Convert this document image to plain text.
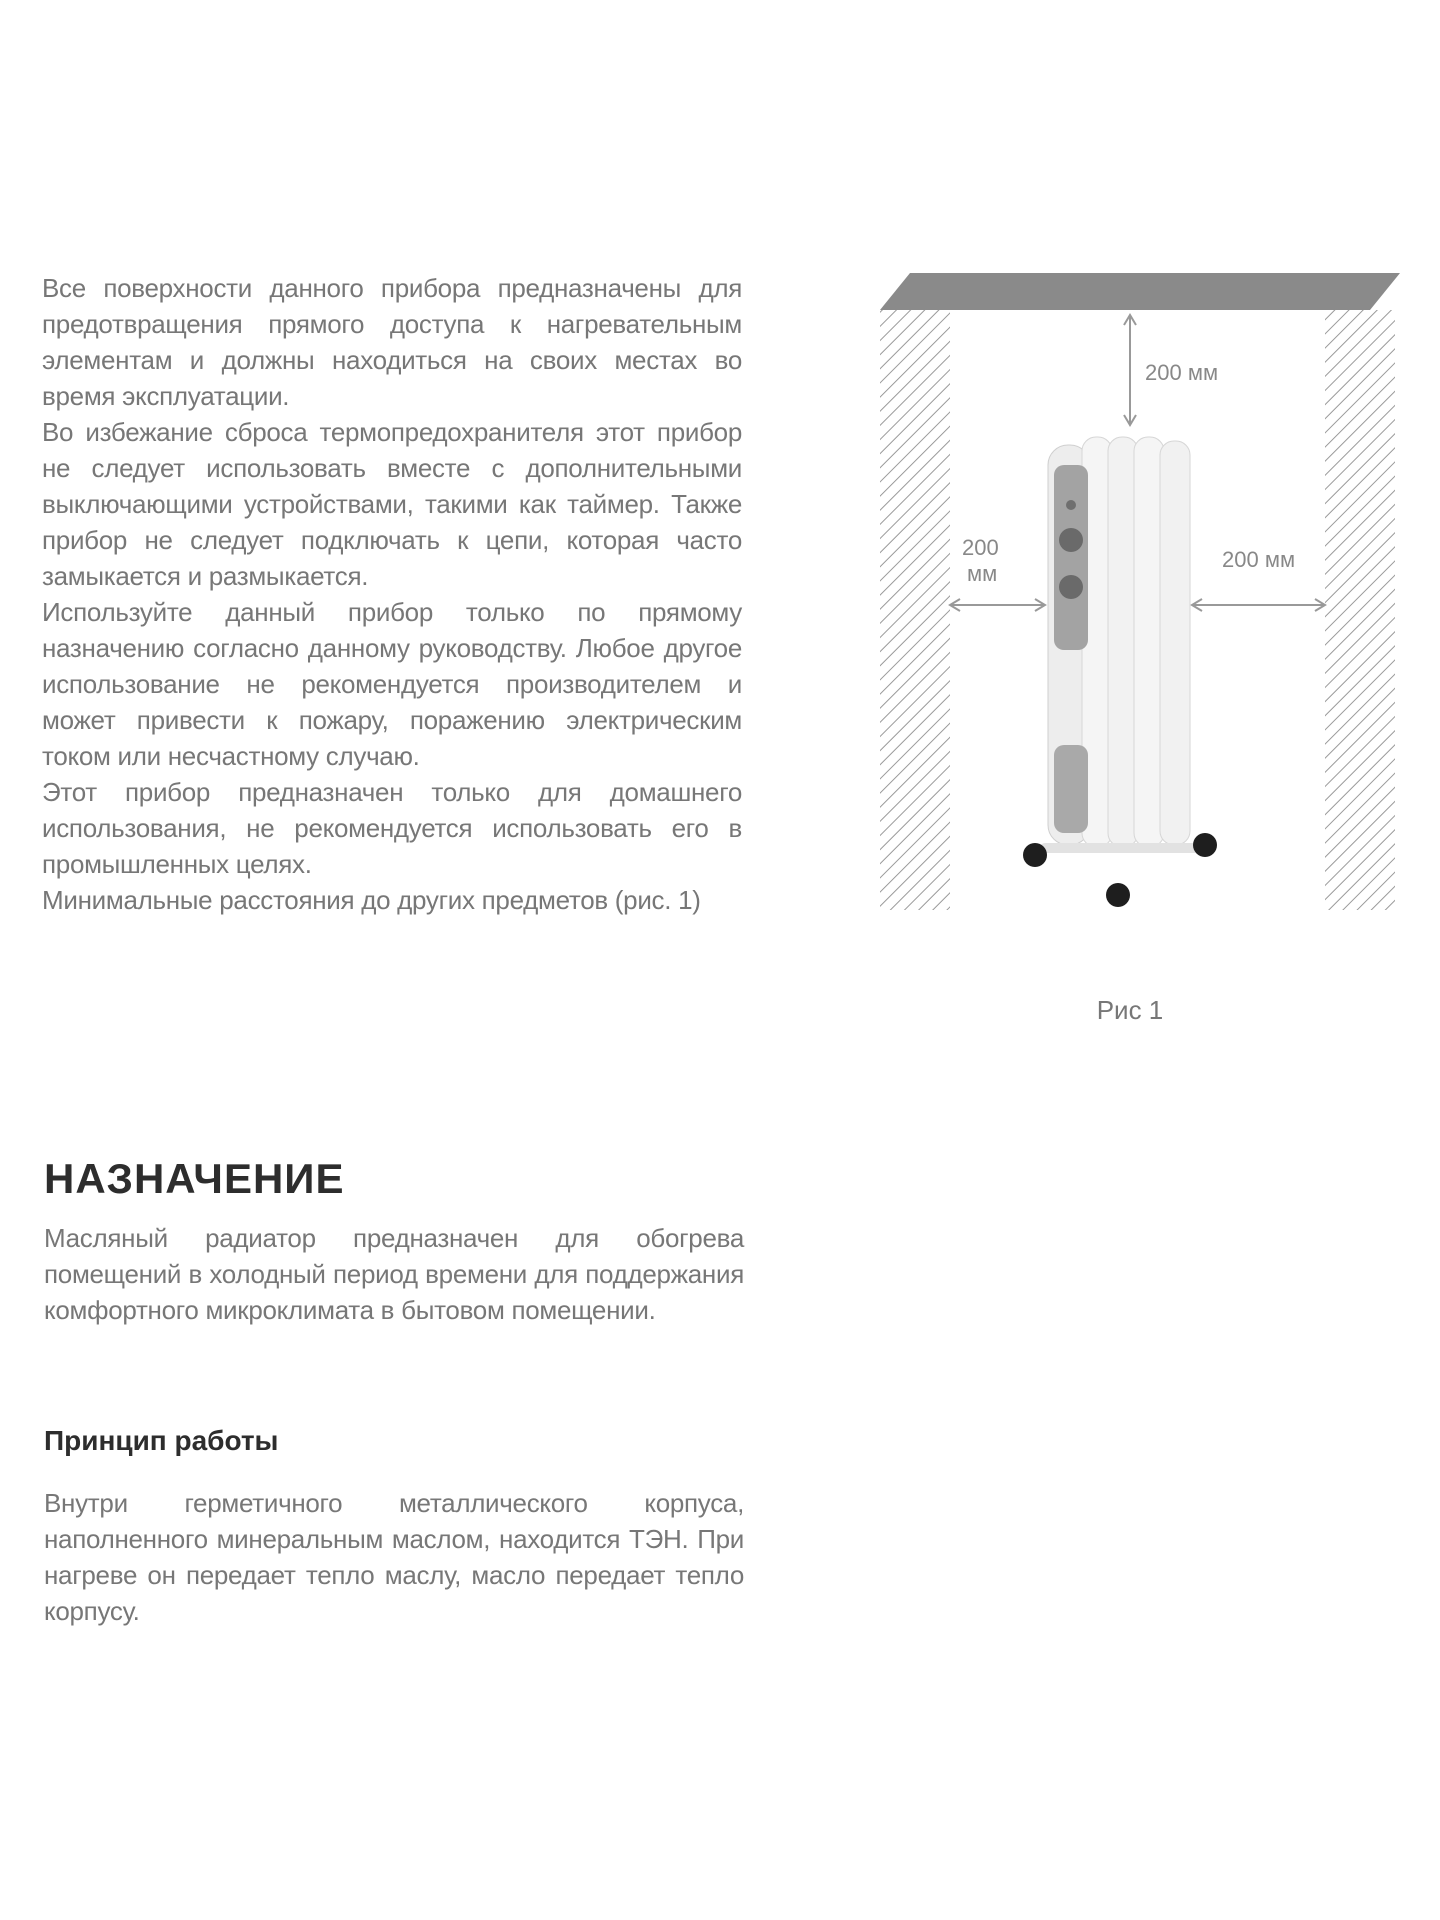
Все поверхности данного прибора предназначены для предотвращения прямого доступа к нагревательным элементам и должны находиться на своих местах во время эксплуатации.

Во избежание сброса термопредохранителя этот прибор не следует использовать вместе с дополнительными выключающими устройствами, такими как таймер. Также прибор не следует подключать к цепи, которая часто замыкается и размыкается.

Используйте данный прибор только по прямому назначению согласно данному руководству. Любое другое использование не рекомендуется производителем и может привести к пожару, поражению электрическим током или несчастному случаю.

Этот прибор предназначен только для домашнего использования, не рекомендуется использовать его в промышленных целях.

Минимальные расстояния до других предметов (рис. 1)

НАЗНАЧЕНИЕ

Масляный радиатор предназначен для обогрева помещений в холодный период времени для поддержания комфортного микроклимата в бытовом помещении.

Принцип работы

Внутри герметичного металлического корпуса, наполненного минеральным маслом, находится ТЭН. При нагреве он передает тепло маслу, масло передает тепло корпусу.

200 мм
200
мм
200 мм
Рис 1
